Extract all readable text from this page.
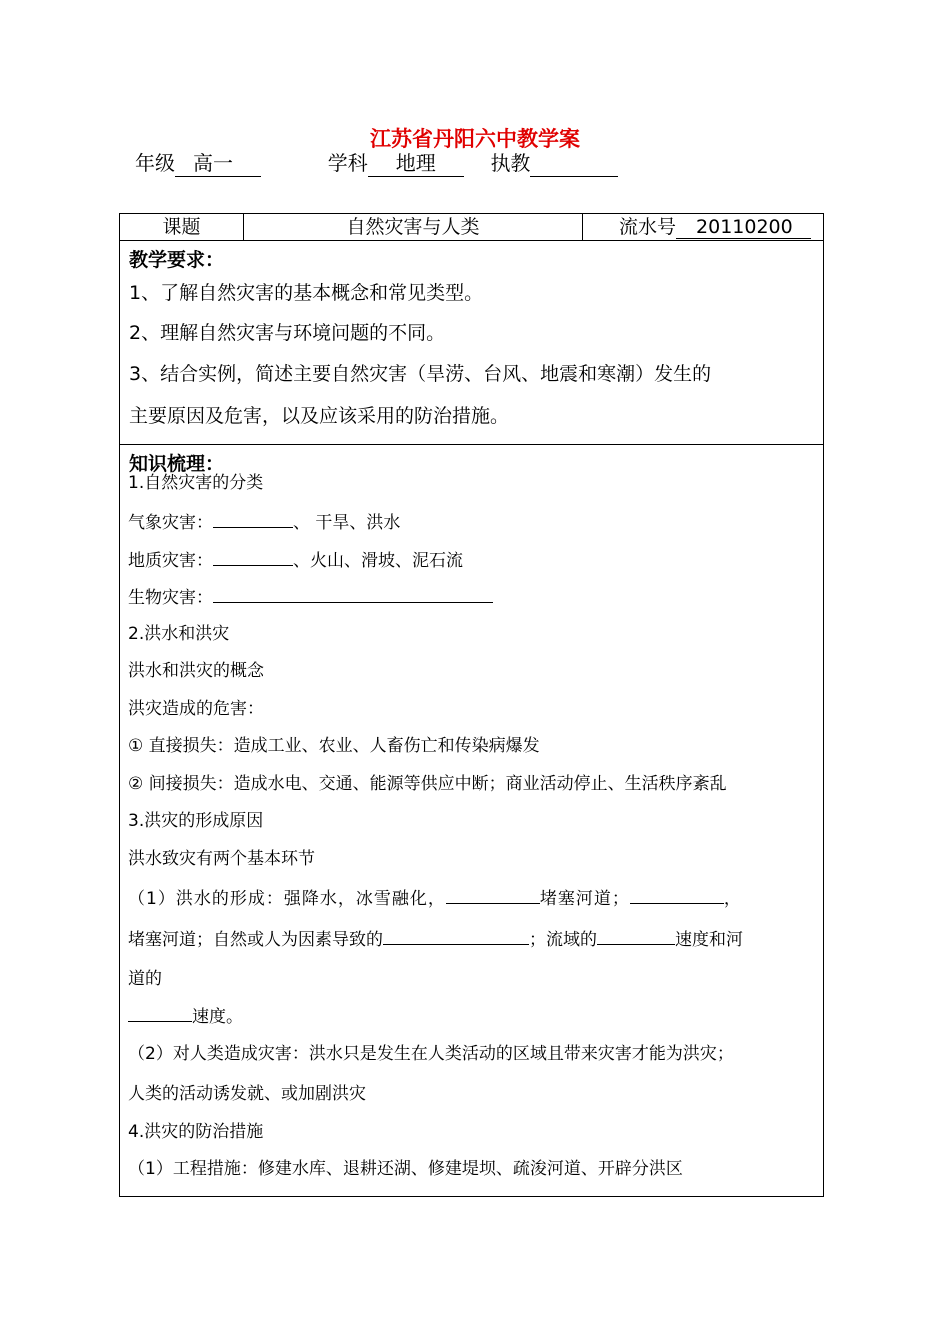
江苏省丹阳六中教学案
年级 高一	学科 地理	执教
课题	自然灾害与人类	流水号 20110200
教学要求：
1、了解自然灾害的基本概念和常见类型。
2、理解自然灾害与环境问题的不同。
3、结合实例，简述主要自然灾害（旱涝、台风、地震和寒潮）发生的
主要原因及危害，以及应该采用的防治措施。
知识梳理：
1.自然灾害的分类
气象灾害：	、 干旱、洪水
地质灾害：	、火山、滑坡、泥石流
生物灾害：
2.洪水和洪灾
洪水和洪灾的概念
洪灾造成的危害：
① 直接损失：造成工业、农业、人畜伤亡和传染病爆发
② 间接损失：造成水电、交通、能源等供应中断；商业活动停止、生活秩序紊乱
3.洪灾的形成原因
洪水致灾有两个基本环节
（1）洪水的形成：强降水，冰雪融化，	堵塞河道；	，
堵塞河道；自然或人为因素导致的	；流域的	速度和河
道的
速度。
（2）对人类造成灾害：洪水只是发生在人类活动的区域且带来灾害才能为洪灾；
人类的活动诱发就、或加剧洪灾
4.洪灾的防治措施
（1）工程措施：修建水库、退耕还湖、修建堤坝、疏浚河道、开辟分洪区
